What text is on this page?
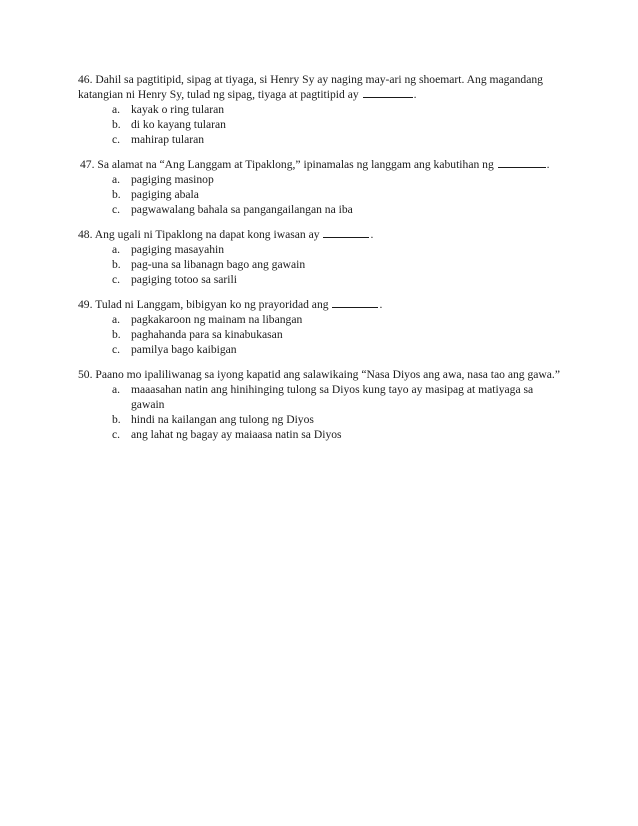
46. Dahil sa pagtitipid, sipag at tiyaga, si Henry Sy ay naging may-ari ng shoemart. Ang magandang katangian ni Henry Sy, tulad ng sipag, tiyaga at pagtitipid ay	.

a. kayak o ring tularan
b. di ko kayang tularan
c. mahirap tularan

47. Sa alamat na “Ang Langgam at Tipaklong,” ipinamalas ng langgam ang kabutihan ng	.

a. pagiging masinop
b. pagiging abala
c. pagwawalang bahala sa pangangailangan na iba

48. Ang ugali ni Tipaklong na dapat kong iwasan ay	.

a. pagiging masayahin
b. pag-una sa libanagn bago ang gawain
c. pagiging totoo sa sarili

49. Tulad ni Langgam, bibigyan ko ng prayoridad ang	.

a. pagkakaroon ng mainam na libangan
b. paghahanda para sa kinabukasan
c. pamilya bago kaibigan

50. Paano mo ipaliliwanag sa iyong kapatid ang salawikaing “Nasa Diyos ang awa, nasa tao ang gawa.”

a. maaasahan natin ang hinihinging tulong sa Diyos kung tayo ay masipag at matiyaga sa gawain
b. hindi na kailangan ang tulong ng Diyos
c. ang lahat ng bagay ay maiaasa natin sa Diyos
